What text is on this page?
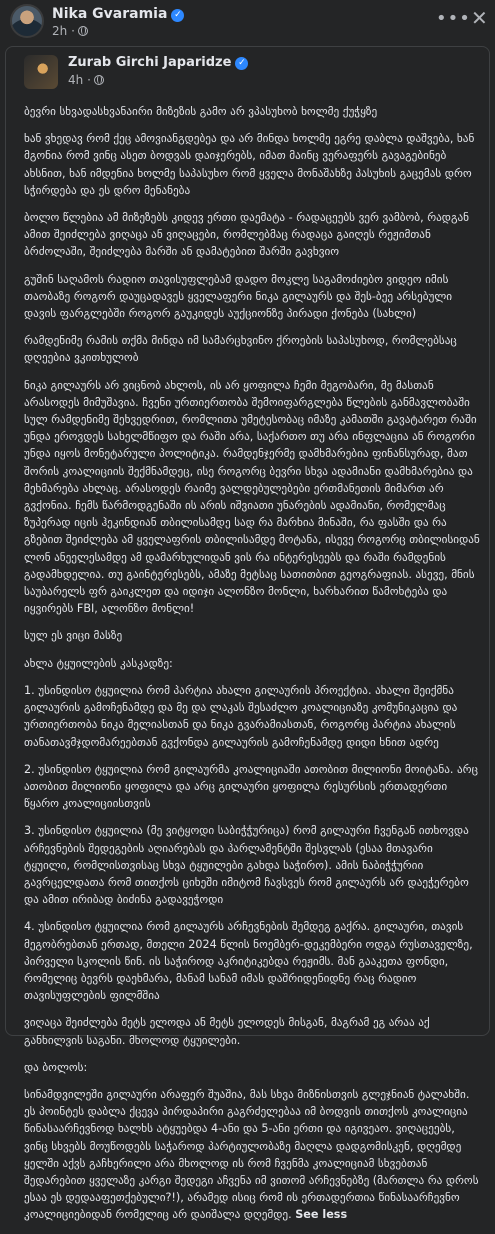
Nika Gvaramia ✓
2h ·
••• ✕
Zurab Girchi Japaridze ✓
4h ·

ბევრი სხვადასხვანაირი მიზეზის გამო არ ვპასუხობ ხოლმე ქუჭყზე

ხან ვხედავ რომ ქეც ამოვიანგდებეა და არ მინდა ხოლმე ეგრე დაბლა დაშვება, ხან მგონია რომ ვინც ასეთ ბოდვას დაიჯერებს, იმათ მაინც ვერაფერს გავაგებინებ ახსნით, ხან იმდენია ხოლმე საპასუხო რომ ყველა მონაშახზე პასუხის გაცემას დრო სჭირდება და ეს დრო მენანება

ბოლო წლებია ამ მიზეზებს კიდევ ერთი დაემატა - რადაცეებს ვერ ვამბობ, რადგან ამით შეიძლება ვიღაცა ან ვიღაცები, რომლებმაც რადაცა გაიღეს რეჟიმთან ბრძოლაში, შეიძლება მარში ან დამატებით შარში გავხვიო

გუშინ საღამოს რადიო თავისუფლებამ დადო მოკლე საგამოძიებო ვიდეო იმის თაობაზე როგორ დაუცადავეს ყველაფერი ნიკა გილაურს და შეს-ბეე არსებული დავის ფარგლებში როგორ გაუკიდეს აუქციონზე პირადი ქონება (სახლი)

რამდენიმე რამის თქმა მინდა იმ სამარცხვინო ქროების საპასუხოდ, რომლებსაც დღეებია ვკითხულობ

ნიკა გილაურს არ ვიცნობ ახლოს, ის არ ყოფილა ჩემი მეგობარი, მე მასთან არასოდეს მიმუშავია. ჩვენი ურთიერთობა შემოიფარგლება წლების განმავლობაში სულ რამდენიმე შეხვედრით, რომლითა უმეტესობაც იმაზე კამათში გავატარეთ რაში უნდა ეროვდეს სახელმწიფო და რაში არა, საქართო თუ არა ინფლაცია ან როგორი უნდა იყოს მონეტარული პოლიტიკა. რამდენჯერმე დამხმარებია ფინანსურად, მათ შორის კოალიციის შექმნამდეც, ისე როგორც ბევრი სხვა ადამიანი დამხმარებია და მეხმარება ახლაც. არასოდეს რაიმე ვალდებულებები ერთმანეთის მიმართ არ გვქონია. ჩემს წარმოდგენაში ის არის იშვიათი უნარების ადამიანი, რომელმაც ზუპერად იცის ჰეკინდიან თბილისამდე სად რა მარხია მინაში, რა ფასში და რა გზებით შეიძლება ამ ყველაფრის თბილისამდე მოტანა, ისევე როგორც თბილისიდან ლონ ანეელესამდე ამ დამარხულიდან ვის რა ინტერესეებს და რაში რამდენის გადამხდელია. თუ გაინტერესებს, ამაზე მეტსაც სათითბით გეოგრაფიას. ასევე, მნის საუბარელს ფრ გაიკლეთ და იდიჯი ალონზო მონლი, ხარხარით წამოხტება და იყვირებს FBI, ალონზო მონლი!

სულ ეს ვიცი მასზე

ახლა ტყუილების კასკადზე:

1. უსინდისო ტყუილია რომ პარტია ახალი გილაურის პროექტია. ახალი შეიქმნა გილაურის გამოჩენამდე და მე და ლაკას შესაძლო კოალიციაზე კომუნიკაცია და ურთიერთობა ნიკა მელიასთან და ნიკა გვარამიასთან, როგორც პარტია ახალის თანათავმჯდომარეებთან გვქონდა გილაურის გამოჩენამდე დიდი ხნით ადრე

2. უსინდისო ტყუილია რომ გილაურმა კოალიციაში ათობით მილიონი მოიტანა. არც ათობით მილიონი ყოფილა და არც გილაური ყოფილა რესურსის ერთადერთი წყარო კოალიციისთვის

3. უსინდისო ტყუილია (მე ვიტყოდი საბიჭჭურიცა) რომ გილაური ჩვენგან ითხოვდა არჩევნების შედეგების აღიარებას და პარლამენტში შესვლას (ესაა მთავარი ტყუილი, რომლისთვისაც სხვა ტყუილები გახდა საჭირო). ამის ნაბიჭჭურიი გავრცელდათა რომ თითქოს ციხეში იმიტომ ჩავსვეს რომ გილაურს არ დაეჭერებო და ამით ირიბად ბიძინა გადავეჭოდი

4. უსინდისო ტყუილია რომ გილაურს არჩევნების შემდეგ გაქრა. გილაური, თავის მეგობრებთან ერთად, მთელი 2024 წლის ნოემბერ-დეკემბერი ოდგა რუსთაველზე, პირველი სკოლის წინ. ის საჭიროდ აკრიტიკებდა რეჟიმს. მან გააკეთა ფონდი, რომელიც ბევრს დაეხმარა, მანამ სანამ იმას დაშრიდენიდნე რაც რადიო თავისუფლების ფილმშია

ვიღაცა შეიძლება მეტს ელოდა ან მეტს ელოდეს მისგან, მაგრამ ეგ არაა აქ განხილვის საგანი. მხოლოდ ტყუილები.

და ბოლოს:

სინამდვილეში გილაური არაფერ შუაშია, მას სხვა მიზნისთვის გლეჯნიან ტალახში. ეს პოინტეს დაბლა ქცევა პირდაპირი გაგრძელებაა იმ ბოდვის თითქოს კოალიცია წინასაარჩევნოდ ხალხს ატყუებდა 4-ანი და 5-ანი ერთი და იგივეაო. ვიღაცეებს, ვინც სხვებს მოუწოდებს საჭაროდ პარტიულობაზე მაღლა დადგომისკენ, დღემდე ყელში აქვს გაჩხერილი არა მხოლოდ ის რომ ჩვენმა კოალიციამ სხვებთან შედარებით ყველაზე კარგი შედეგი აჩვენა იმ ვითომ არჩევნებზე (მართლა რა დროს ესაა ეს დედააფეთქებული?!), არამედ ისიც რომ ის ერთადერთია წინასაარჩევნო კოალიციებიდან რომელიც არ დაიშალა დღემდე. See less
